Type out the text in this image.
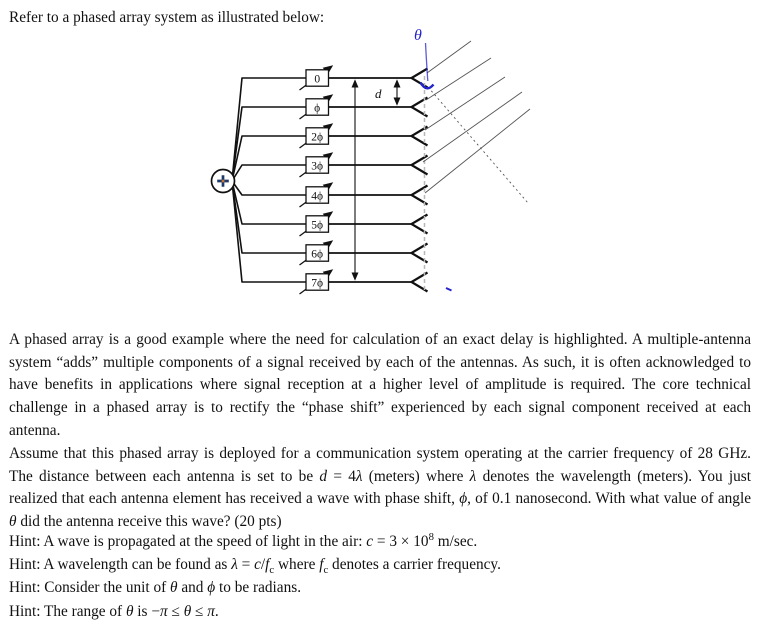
Refer to a phased array system as illustrated below:

0
ϕ
2ϕ
3ϕ
4ϕ
5ϕ
6ϕ
7ϕ
d
θ

A phased array is a good example where the need for calculation of an exact delay is highlighted. A multiple-antenna system “adds” multiple components of a signal received by each of the antennas. As such, it is often acknowledged to have benefits in applications where signal reception at a higher level of amplitude is required. The core technical challenge in a phased array is to rectify the “phase shift” experienced by each signal component received at each antenna.

Assume that this phased array is deployed for a communication system operating at the carrier frequency of 28 GHz. The distance between each antenna is set to be d = 4λ (meters) where λ denotes the wavelength (meters). You just realized that each antenna element has received a wave with phase shift, ϕ, of 0.1 nanosecond. With what value of angle θ did the antenna receive this wave? (20 pts)

Hint: A wave is propagated at the speed of light in the air: $c = 3 \times 10^8$ m/sec.

Hint: A wavelength can be found as $\lambda = c/f_c$ where $f_c$ denotes a carrier frequency.

Hint: Consider the unit of θ and ϕ to be radians.

Hint: The range of θ is −π ≤ θ ≤ π.
